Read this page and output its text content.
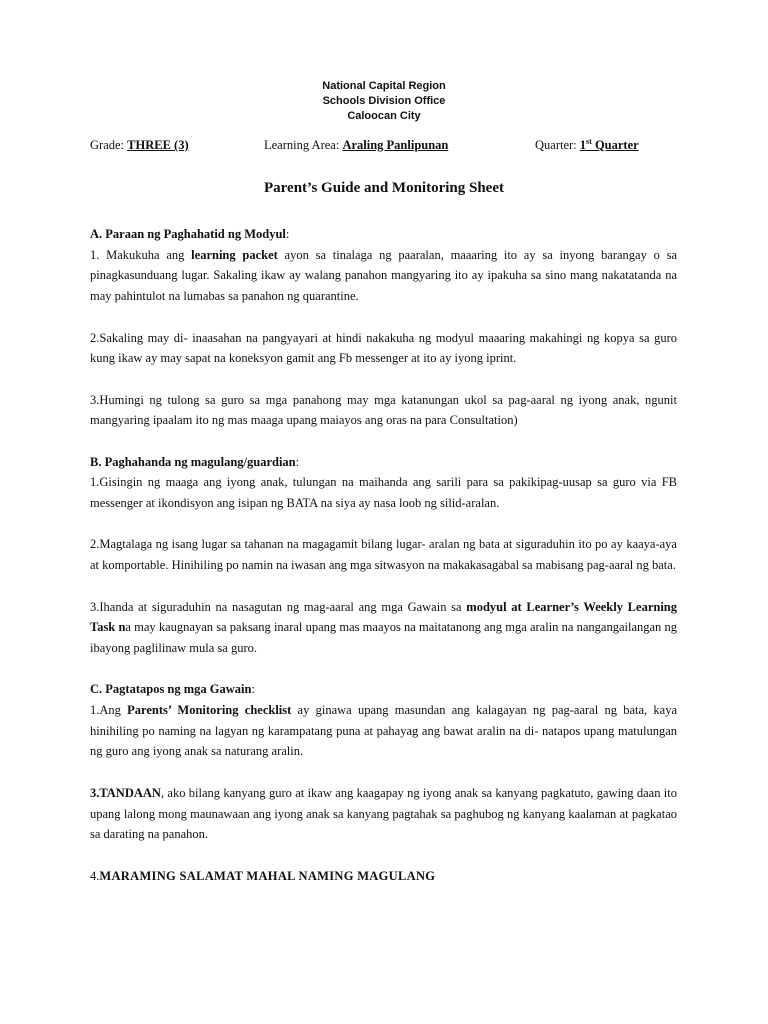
National Capital Region
Schools Division Office
Caloocan City
Grade: THREE (3)	Learning Area: Araling Panlipunan	Quarter: 1st Quarter
Parent’s Guide and Monitoring Sheet

A. Paraan ng Paghahatid ng Modyul:

1. Makukuha ang learning packet ayon sa tinalaga ng paaralan, maaaring ito ay sa inyong barangay o sa pinagkasunduang lugar. Sakaling ikaw ay walang panahon mangyaring ito ay ipakuha sa sino mang nakatatanda na may pahintulot na lumabas sa panahon ng quarantine.

2.Sakaling may di- inaasahan na pangyayari at hindi nakakuha ng modyul maaaring makahingi ng kopya sa guro kung ikaw ay may sapat na koneksyon gamit ang Fb messenger at ito ay iyong iprint.

3.Humingi ng tulong sa guro sa mga panahong may mga katanungan ukol sa pag-aaral ng iyong anak, ngunit mangyaring ipaalam ito ng mas maaga upang maiayos ang oras na para Consultation)

B. Paghahanda ng magulang/guardian:

1.Gisingin ng maaga ang iyong anak, tulungan na maihanda ang sarili para sa pakikipag-uusap sa guro via FB messenger at ikondisyon ang isipan ng BATA na siya ay nasa loob ng silid-aralan.

2.Magtalaga ng isang lugar sa tahanan na magagamit bilang lugar- aralan ng bata at siguraduhin ito po ay kaaya-aya at komportable. Hinihiling po namin na iwasan ang mga sitwasyon na makakasagabal sa mabisang pag-aaral ng bata.

3.Ihanda at siguraduhin na nasagutan ng mag-aaral ang mga Gawain sa modyul at Learner’s Weekly Learning Task na may kaugnayan sa paksang inaral upang mas maayos na maitatanong ang mga aralin na nangangailangan ng ibayong paglilinaw mula sa guro.

C. Pagtatapos ng mga Gawain:

1.Ang Parents’ Monitoring checklist ay ginawa upang masundan ang kalagayan ng pag-aaral ng bata, kaya hinihiling po naming na lagyan ng karampatang puna at pahayag ang bawat aralin na di- natapos upang matulungan ng guro ang iyong anak sa naturang aralin.

3.TANDAAN, ako bilang kanyang guro at ikaw ang kaagapay ng iyong anak sa kanyang pagkatuto, gawing daan ito upang lalong mong maunawaan ang iyong anak sa kanyang pagtahak sa paghubog ng kanyang kaalaman at pagkatao sa darating na panahon.

4.MARAMING SALAMAT MAHAL NAMING MAGULANG
